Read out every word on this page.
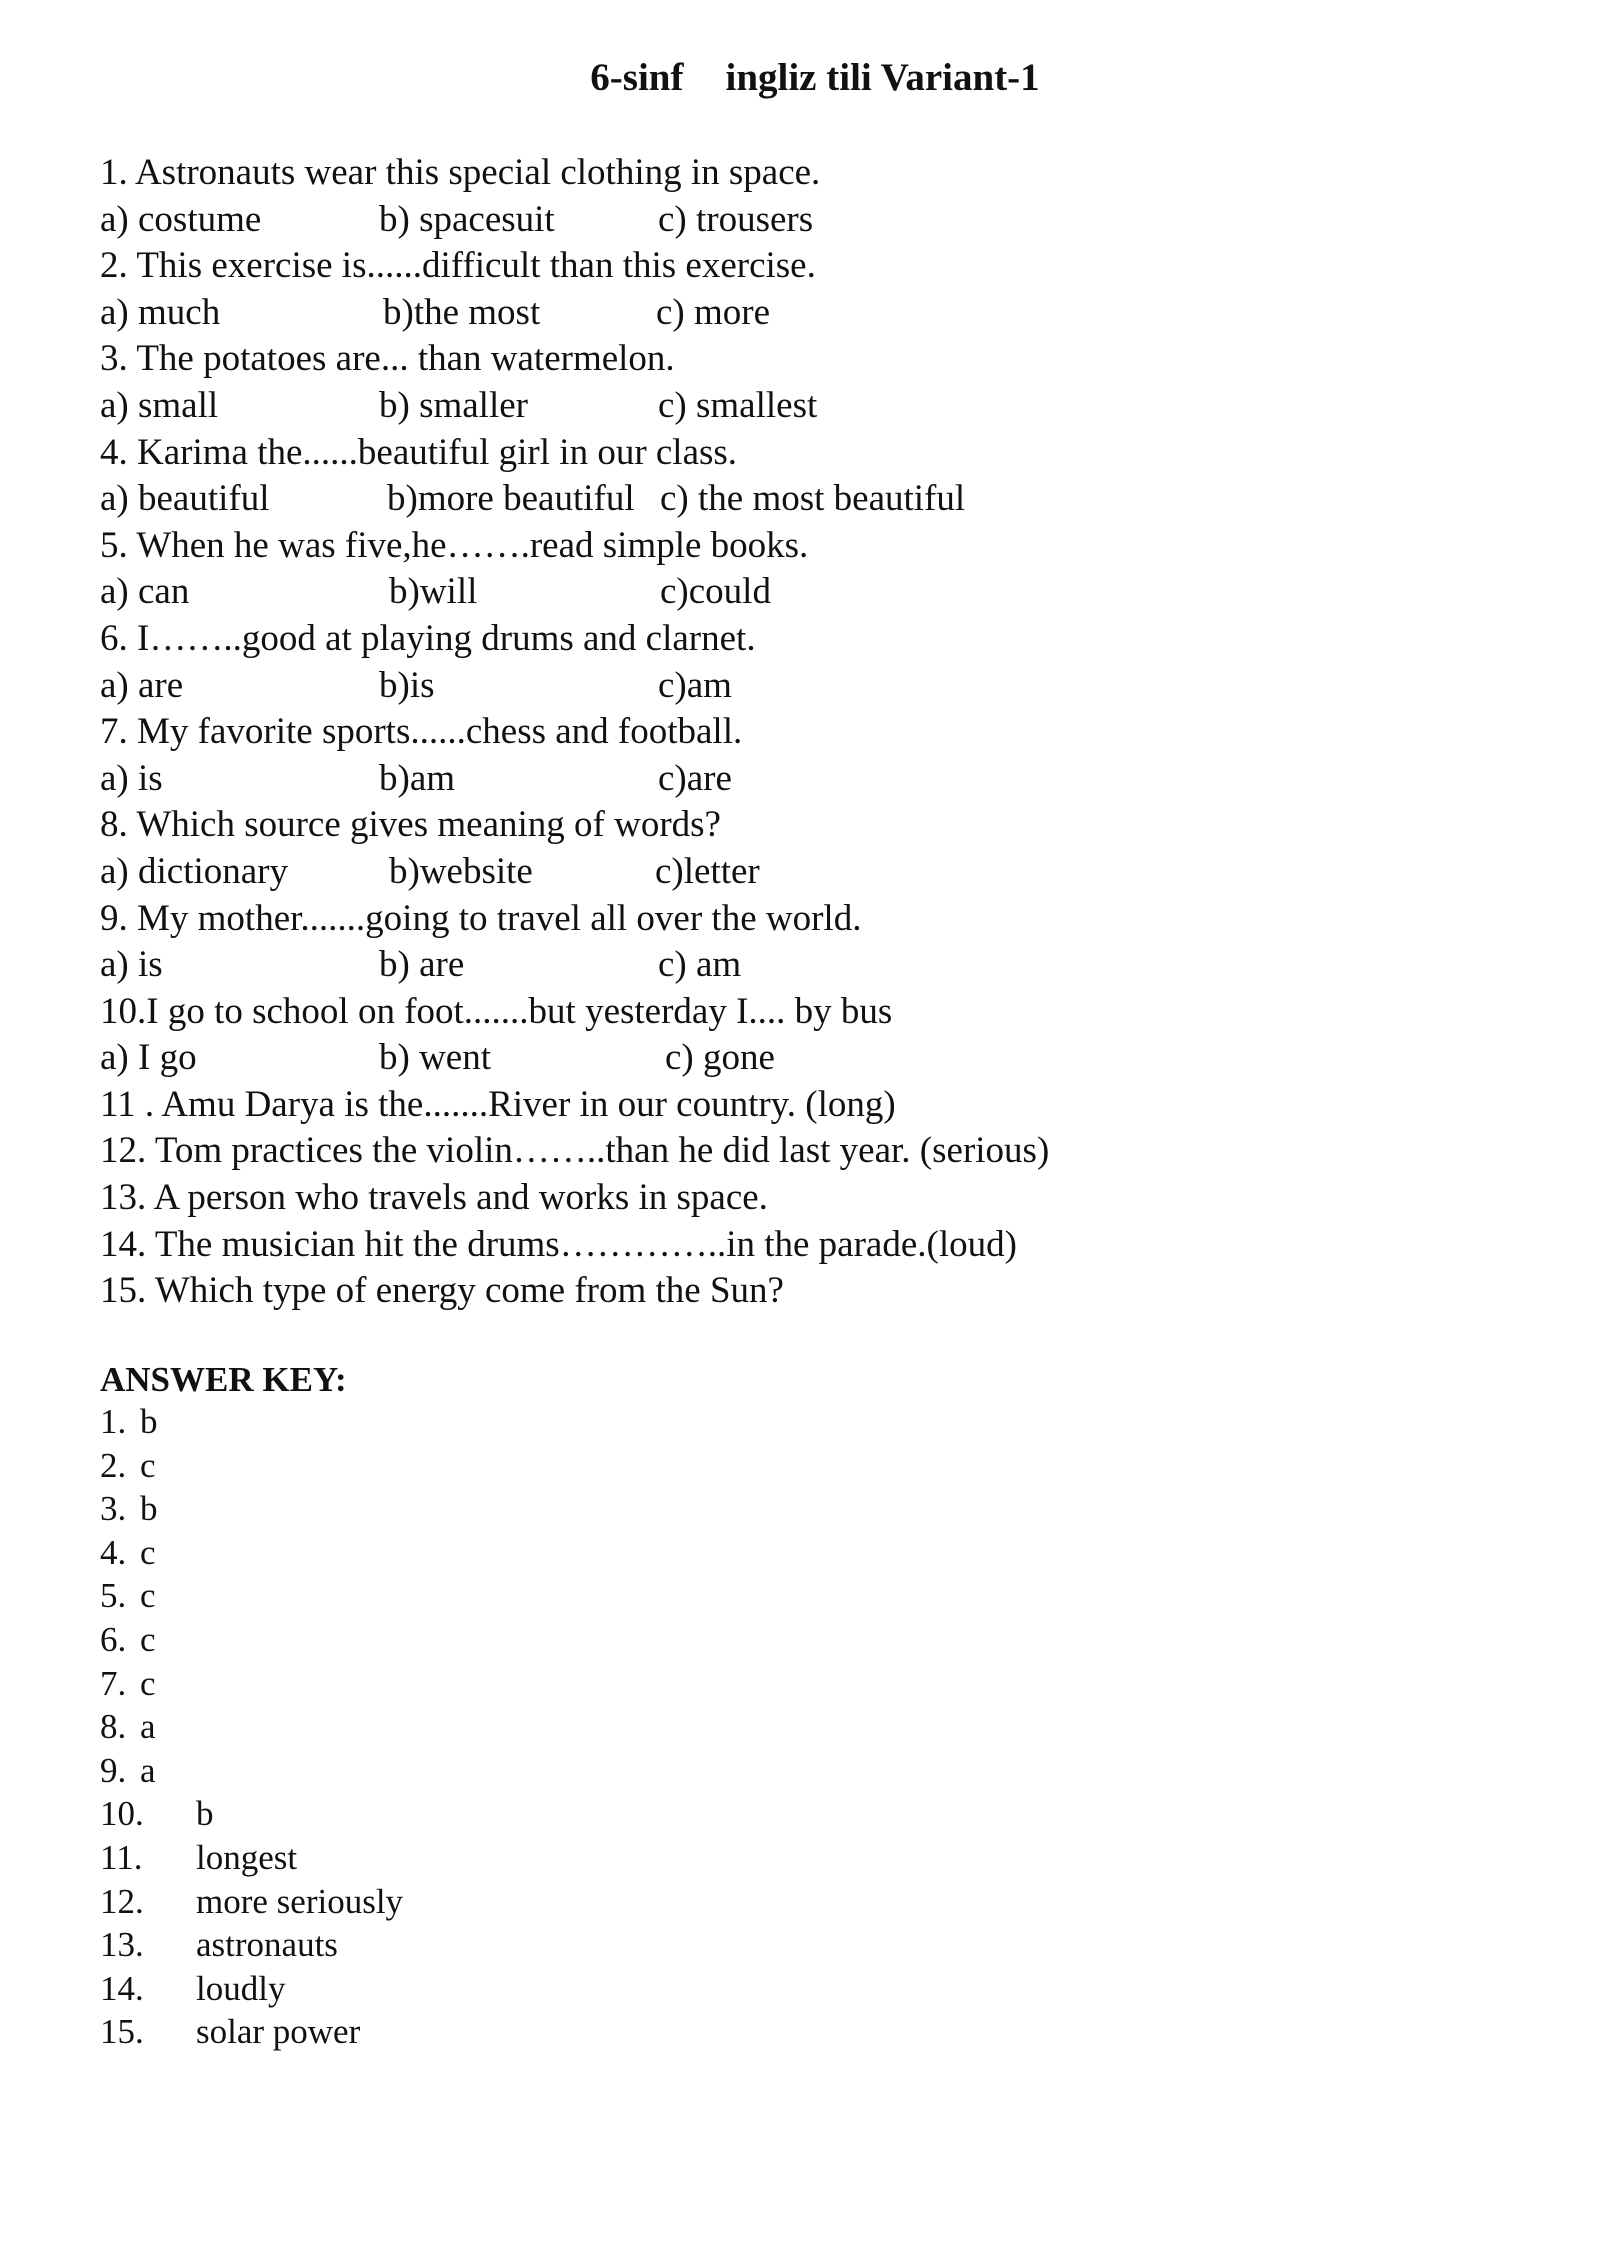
6-sinf ingliz tili Variant-1
1. Astronauts wear this special clothing in space.
a) costume	b) spacesuit	c) trousers
2. This exercise is......difficult than this exercise.
a) much	b)the most	c) more
3. The potatoes are... than watermelon.
a) small	b) smaller	c) smallest
4. Karima the......beautiful girl in our class.
a) beautiful	b)more beautiful c) the most beautiful
5. When he was five,he…….read simple books.
a) can	b)will	c)could
6. I……..good at playing drums and clarnet.
a) are	b)is	c)am
7. My favorite sports......chess and football.
a) is	b)am	c)are
8. Which source gives meaning of words?
a) dictionary	b)website	c)letter
9. My mother.......going to travel all over the world.
a) is	b) are	c) am
10.I go to school on foot.......but yesterday I.... by bus
a) I go	b) went	c) gone
11 . Amu Darya is the.......River in our country. (long)
12. Tom practices the violin……..than he did last year. (serious)
13. A person who travels and works in space.
14. The musician hit the drums…………..in the parade.(loud)
15. Which type of energy come from the Sun?
ANSWER KEY:
1. b
2. c
3. b
4. c
5. c
6. c
7. c
8. a
9. a
10. b
11. longest
12. more seriously
13. astronauts
14. loudly
15. solar power
